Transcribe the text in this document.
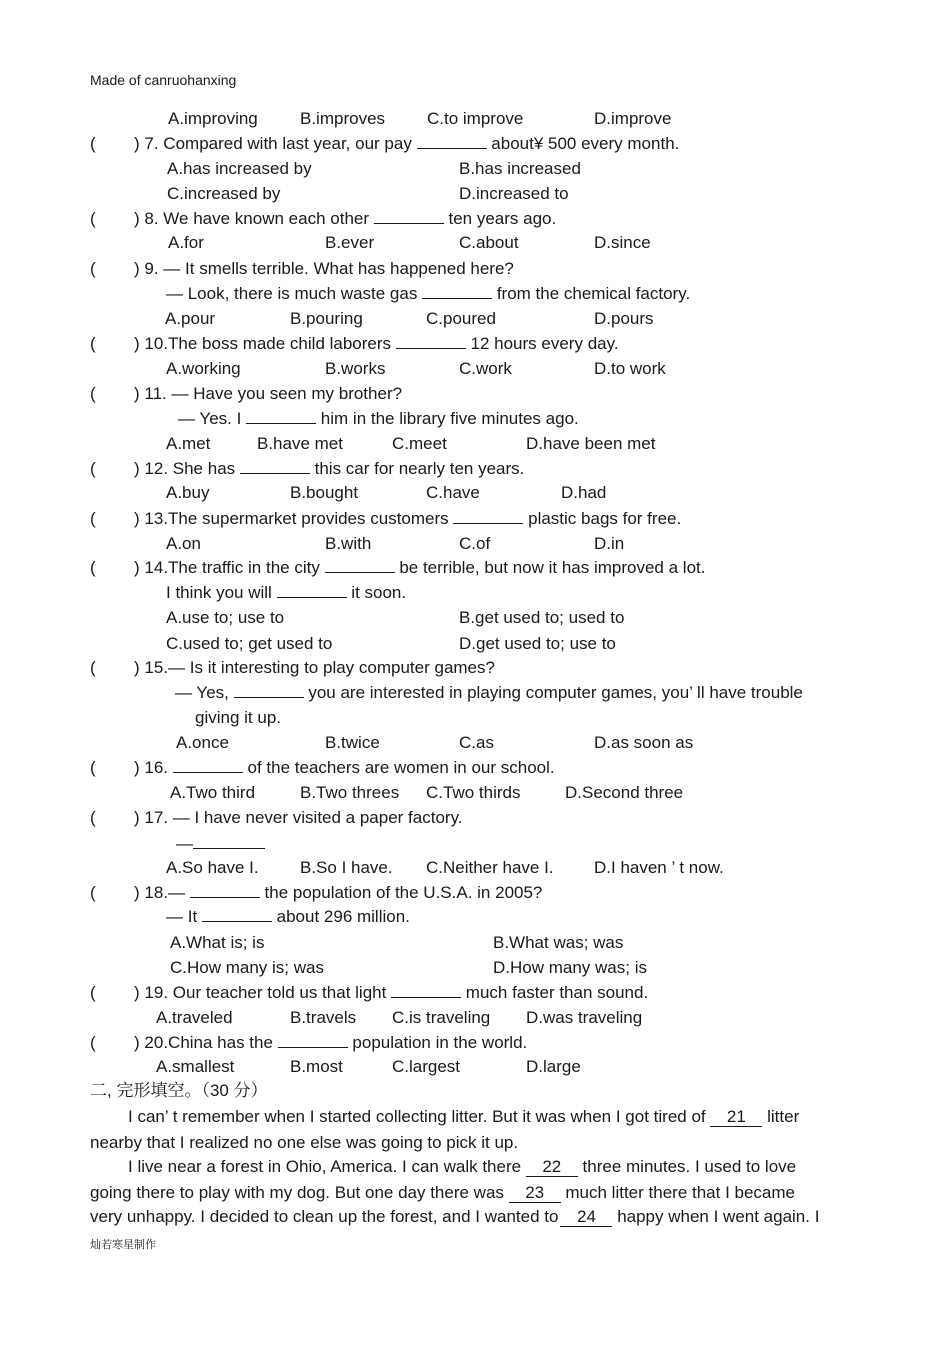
Made of canruohanxing
A.improving B.improves C.to improve	D.improve
( ) 7. Compared with last year, our pay	about¥ 500 every month.
A.has increased by	B.has increased
C.increased by	D.increased to
( ) 8. We have known each other	ten years ago.
A.for	B.ever	C.about	D.since
( ) 9. — It smells terrible. What has happened here?
— Look, there is much waste gas	from the chemical factory.
A.pour	B.pouring	C.poured	D.pours
( ) 10.The boss made child laborers	12 hours every day.
A.working	B.works	C.work	D.to work
( ) 11. — Have you seen my brother?
— Yes. I	him in the library five minutes ago.
A.met	B.have met	C.meet	D.have been met
( ) 12. She has	this car for nearly ten years.
A.buy	B.bought	C.have	D.had
( ) 13.The supermarket provides customers	plastic bags for free.
A.on	B.with	C.of	D.in
( ) 14.The traffic in the city	be terrible, but now it has improved a lot.
I think you will	it soon.
A.use to; use to	B.get used to; used to
C.used to; get used to	D.get used to; use to
( ) 15.— Is it interesting to play computer games?
— Yes,	you are interested in playing computer games, you’ ll have trouble
giving it up.
A.once	B.twice	C.as	D.as soon as
( ) 16.	of the teachers are women in our school.
A.Two third	B.Two threes C.Two thirds	D.Second three
( ) 17. — I have never visited a paper factory.
—
A.So have I. B.So I have. C.Neither have I. D.I haven ’ t now.
( ) 18.—	the population of the U.S.A. in 2005?
— It	about 296 million.
A.What is; is	B.What was; was
C.How many is; was	D.How many was; is
( ) 19. Our teacher told us that light	much faster than sound.
A.traveled	B.travels C.is traveling D.was traveling
( ) 20.China has the	population in the world.
A.smallest	B.most	C.largest	D.large
二, 完形填空。（30 分）
I can’ t remember when I started collecting litter. But it was when I got tired of 21 litter
nearby that I realized no one else was going to pick it up.
I live near a forest in Ohio, America. I can walk there 22 three minutes. I used to love
going there to play with my dog. But one day there was 23 much litter there that I became
very unhappy. I decided to clean up the forest, and I wanted to 24 happy when I went again. I
灿若寒星制作
